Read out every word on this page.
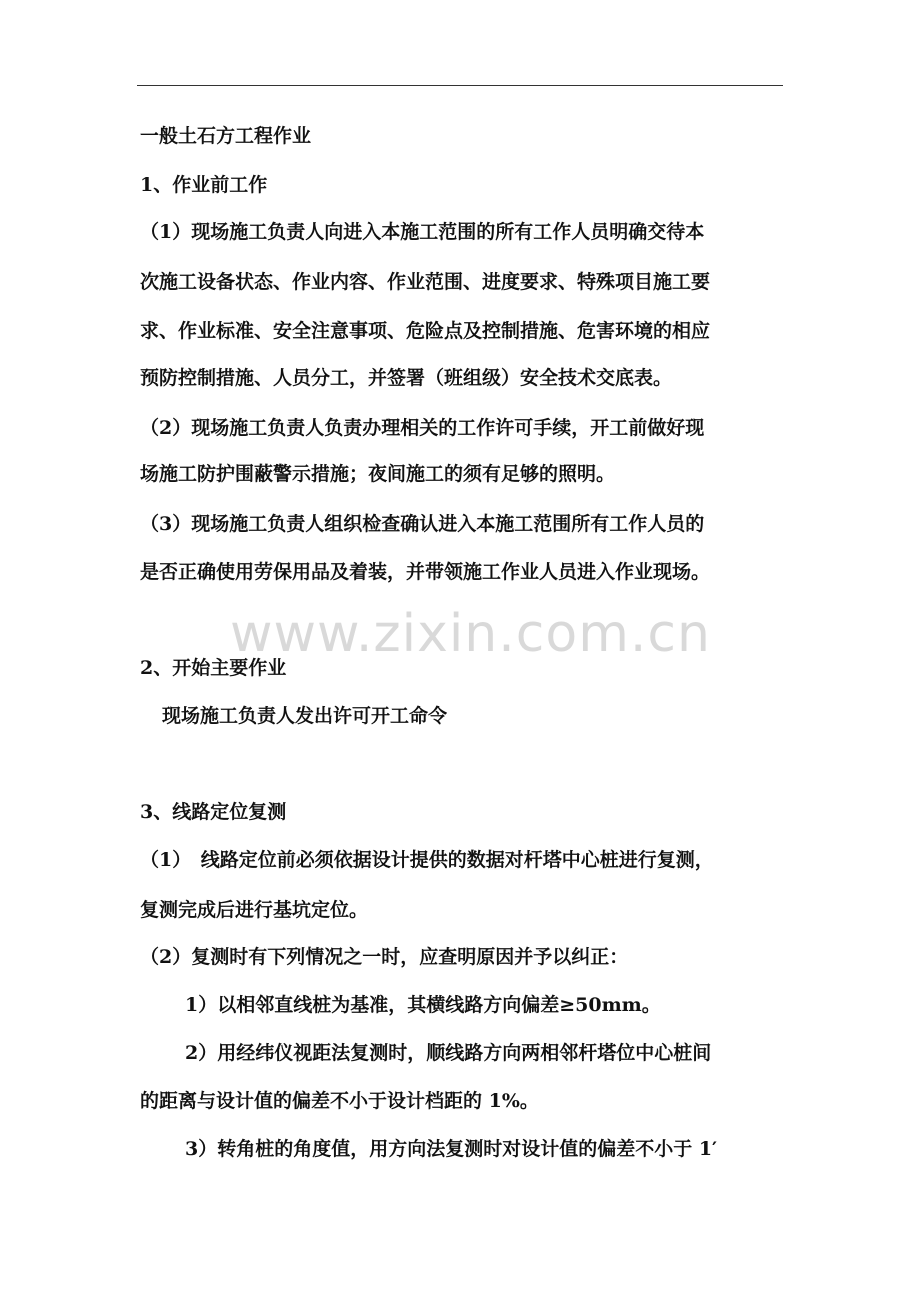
一般土石方工程作业
1、作业前工作
（1）现场施工负责人向进入本施工范围的所有工作人员明确交待本
次施工设备状态、作业内容、作业范围、进度要求、特殊项目施工要
求、作业标准、安全注意事项、危险点及控制措施、危害环境的相应
预防控制措施、人员分工，并签署（班组级）安全技术交底表。
（2）现场施工负责人负责办理相关的工作许可手续，开工前做好现
场施工防护围蔽警示措施；夜间施工的须有足够的照明。
（3）现场施工负责人组织检查确认进入本施工范围所有工作人员的
是否正确使用劳保用品及着装，并带领施工作业人员进入作业现场。
www.zixin.com.cn
2、开始主要作业
现场施工负责人发出许可开工命令
3、线路定位复测
（1）　线路定位前必须依据设计提供的数据对杆塔中心桩进行复测，
复测完成后进行基坑定位。
（2）复测时有下列情况之一时，应查明原因并予以纠正：
1）以相邻直线桩为基准，其横线路方向偏差≥50mm。
2）用经纬仪视距法复测时，顺线路方向两相邻杆塔位中心桩间
的距离与设计值的偏差不小于设计档距的 1%。
3）转角桩的角度值，用方向法复测时对设计值的偏差不小于 1′
